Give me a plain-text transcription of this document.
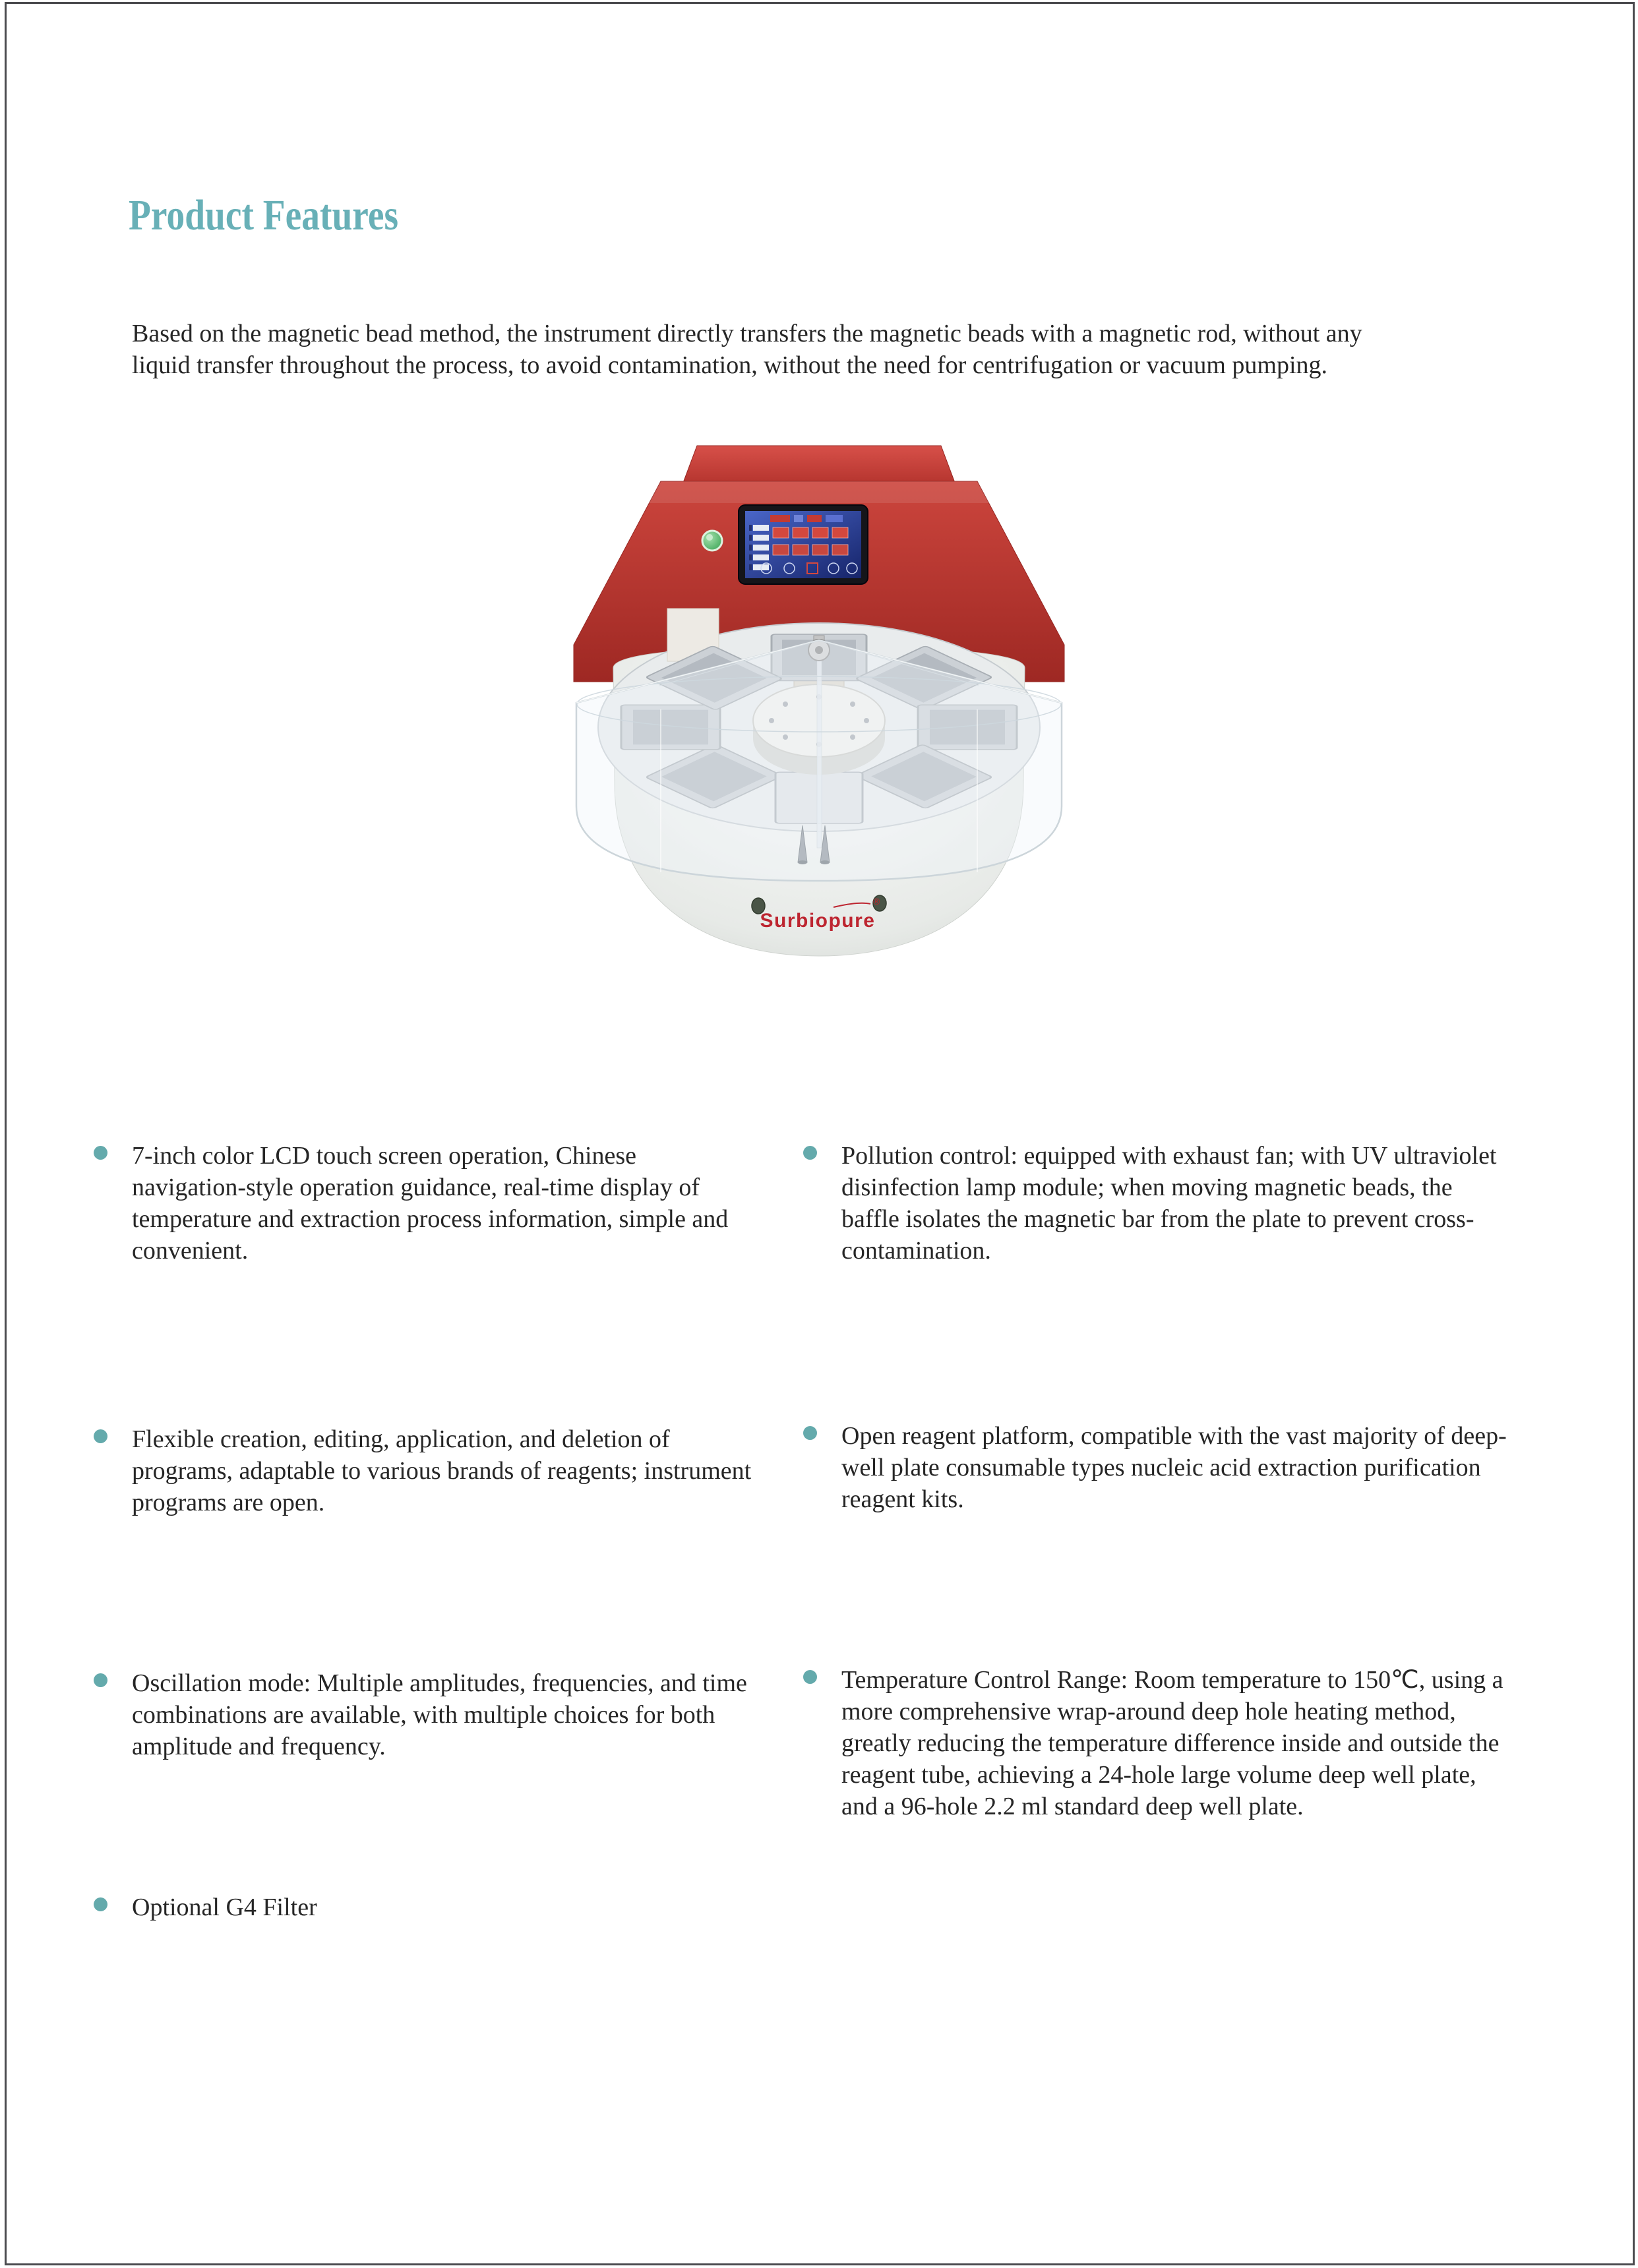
Product Features

Based on the magnetic bead method, the instrument directly transfers the magnetic beads with a magnetic rod, without any liquid transfer throughout the process, to avoid contamination, without the need for centrifugation or vacuum pumping.

Surbiopure
®

7-inch color LCD touch screen operation, Chinese navigation-style operation guidance, real-time display of temperature and extraction process information, simple and convenient.

Flexible creation, editing, application, and deletion of programs, adaptable to various brands of reagents; instrument programs are open.

Oscillation mode: Multiple amplitudes, frequencies, and time combinations are available, with multiple choices for both amplitude and frequency.

Optional G4 Filter

Pollution control: equipped with exhaust fan; with UV ultraviolet disinfection lamp module; when moving magnetic beads, the baffle isolates the magnetic bar from the plate to prevent cross-contamination.

Open reagent platform, compatible with the vast majority of deep-well plate consumable types nucleic acid extraction purification reagent kits.

Temperature Control Range: Room temperature to 150℃, using a more comprehensive wrap-around deep hole heating method, greatly reducing the temperature difference inside and outside the reagent tube, achieving a 24-hole large volume deep well plate, and a 96-hole 2.2 ml standard deep well plate.
